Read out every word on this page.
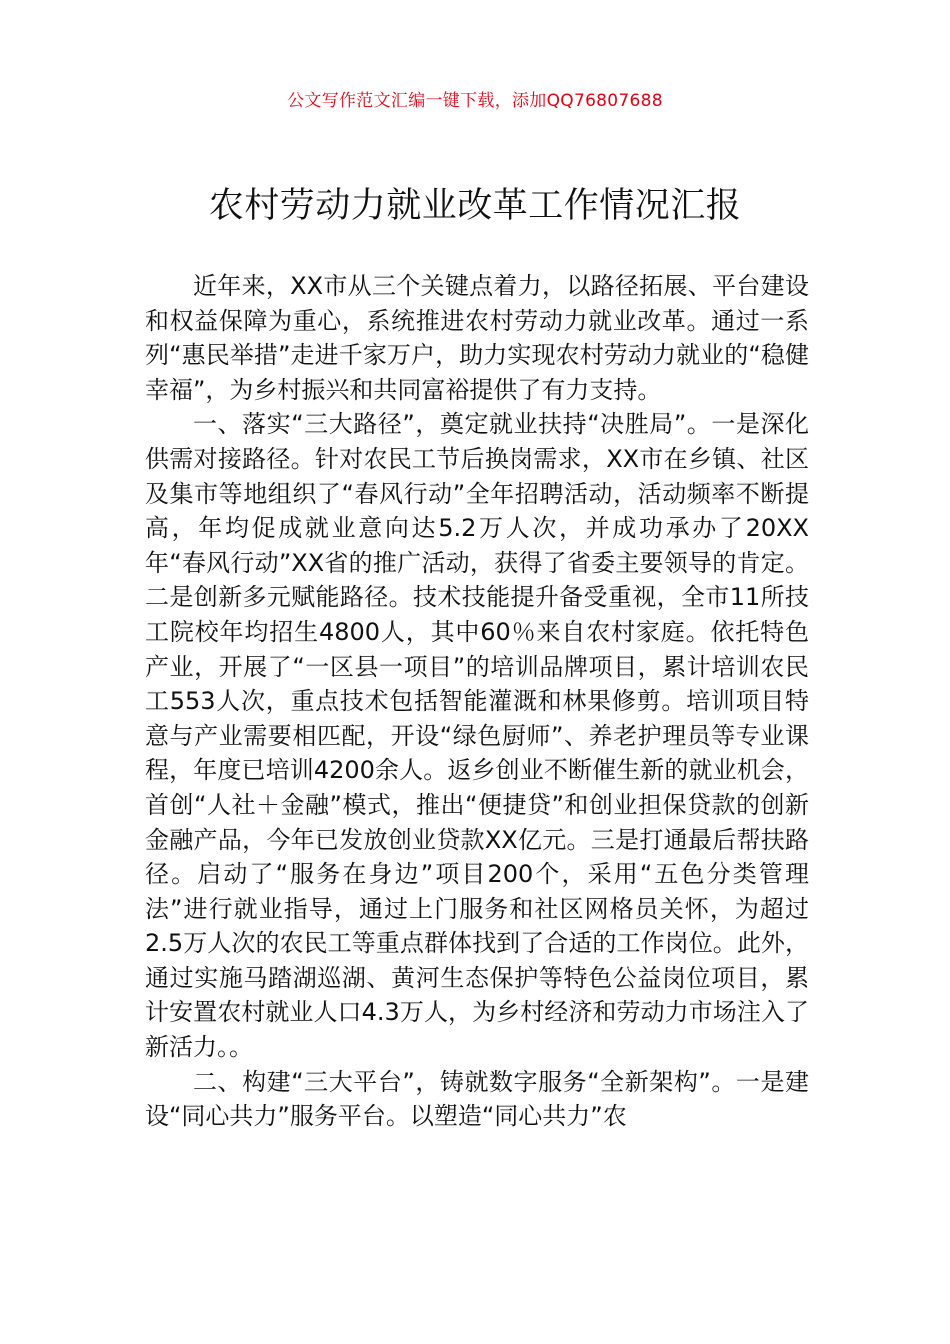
公文写作范文汇编一键下载，添加QQ76807688
农村劳动力就业改革工作情况汇报

近年来，XX市从三个关键点着力，以路径拓展、平台建设和权益保障为重心，系统推进农村劳动力就业改革。通过一系列“惠民举措”走进千家万户，助力实现农村劳动力就业的“稳健幸福”，为乡村振兴和共同富裕提供了有力支持。

一、落实“三大路径”，奠定就业扶持“决胜局”。一是深化供需对接路径。针对农民工节后换岗需求，XX市在乡镇、社区及集市等地组织了“春风行动”全年招聘活动，活动频率不断提高，年均促成就业意向达5.2万人次，并成功承办了20XX年“春风行动”XX省的推广活动，获得了省委主要领导的肯定。二是创新多元赋能路径。技术技能提升备受重视，全市11所技工院校年均招生4800人，其中60％来自农村家庭。依托特色产业，开展了“一区县一项目”的培训品牌项目，累计培训农民工553人次，重点技术包括智能灌溉和林果修剪。培训项目特意与产业需要相匹配，开设“绿色厨师”、养老护理员等专业课程，年度已培训4200余人。返乡创业不断催生新的就业机会，首创“人社＋金融”模式，推出“便捷贷”和创业担保贷款的创新金融产品，今年已发放创业贷款XX亿元。三是打通最后帮扶路径。启动了“服务在身边”项目200个，采用“五色分类管理法”进行就业指导，通过上门服务和社区网格员关怀，为超过2.5万人次的农民工等重点群体找到了合适的工作岗位。此外，通过实施马踏湖巡湖、黄河生态保护等特色公益岗位项目，累计安置农村就业人口4.3万人，为乡村经济和劳动力市场注入了新活力。。

二、构建“三大平台”，铸就数字服务“全新架构”。一是建设“同心共力”服务平台。以塑造“同心共力”农
